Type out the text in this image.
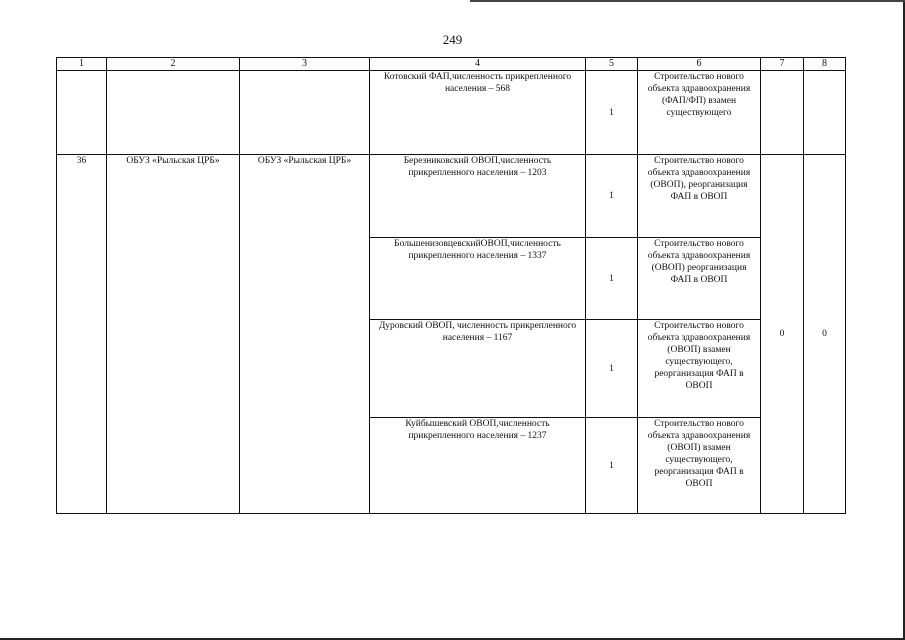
249
1	2	3	4	5	6	7	8
			Котовский ФАП,численность прикрепленного населения – 568	1	Строительство нового объекта здравоохранения (ФАП/ФП) взамен существующего		
36	ОБУЗ «Рыльская ЦРБ»	ОБУЗ «Рыльская ЦРБ»	Березниковский ОВОП,численность прикрепленного населения – 1203	1	Строительство нового объекта здравоохранения (ОВОП), реорганизация ФАП в ОВОП	0	0
			БольшенизовцевскийОВОП,численность прикрепленного населения – 1337	1	Строительство нового объекта здравоохранения (ОВОП) реорганизация ФАП в ОВОП		
			Дуровский ОВОП, численность прикрепленного населения – 1167	1	Строительство нового объекта здравоохранения (ОВОП) взамен существующего, реорганизация ФАП в ОВОП		
			Куйбышевский ОВОП,численность прикрепленного населения – 1237	1	Строительство нового объекта здравоохранения (ОВОП) взамен существующего, реорганизация ФАП в ОВОП		
